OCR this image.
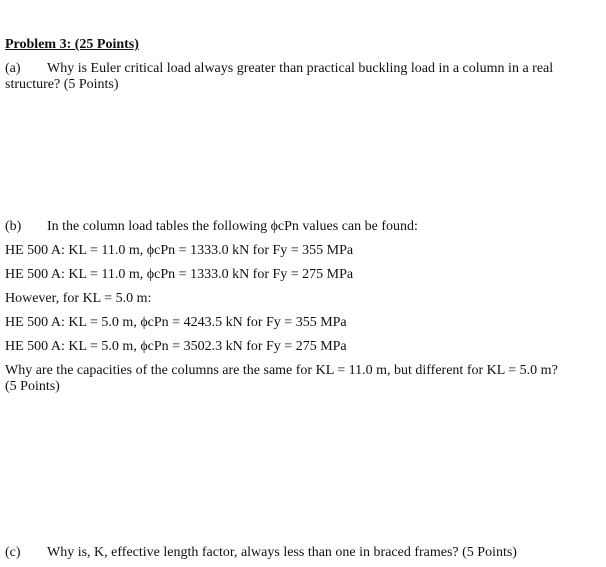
Problem 3: (25 Points)
(a) Why is Euler critical load always greater than practical buckling load in a column in a real
structure? (5 Points)
(b) In the column load tables the following ϕcPn values can be found:
HE 500 A: KL = 11.0 m, ϕcPn = 1333.0 kN for Fy = 355 MPa
HE 500 A: KL = 11.0 m, ϕcPn = 1333.0 kN for Fy = 275 MPa
However, for KL = 5.0 m:
HE 500 A: KL = 5.0 m, ϕcPn = 4243.5 kN for Fy = 355 MPa
HE 500 A: KL = 5.0 m, ϕcPn = 3502.3 kN for Fy = 275 MPa
Why are the capacities of the columns are the same for KL = 11.0 m, but different for KL = 5.0 m?
(5 Points)
(c) Why is, K, effective length factor, always less than one in braced frames? (5 Points)
